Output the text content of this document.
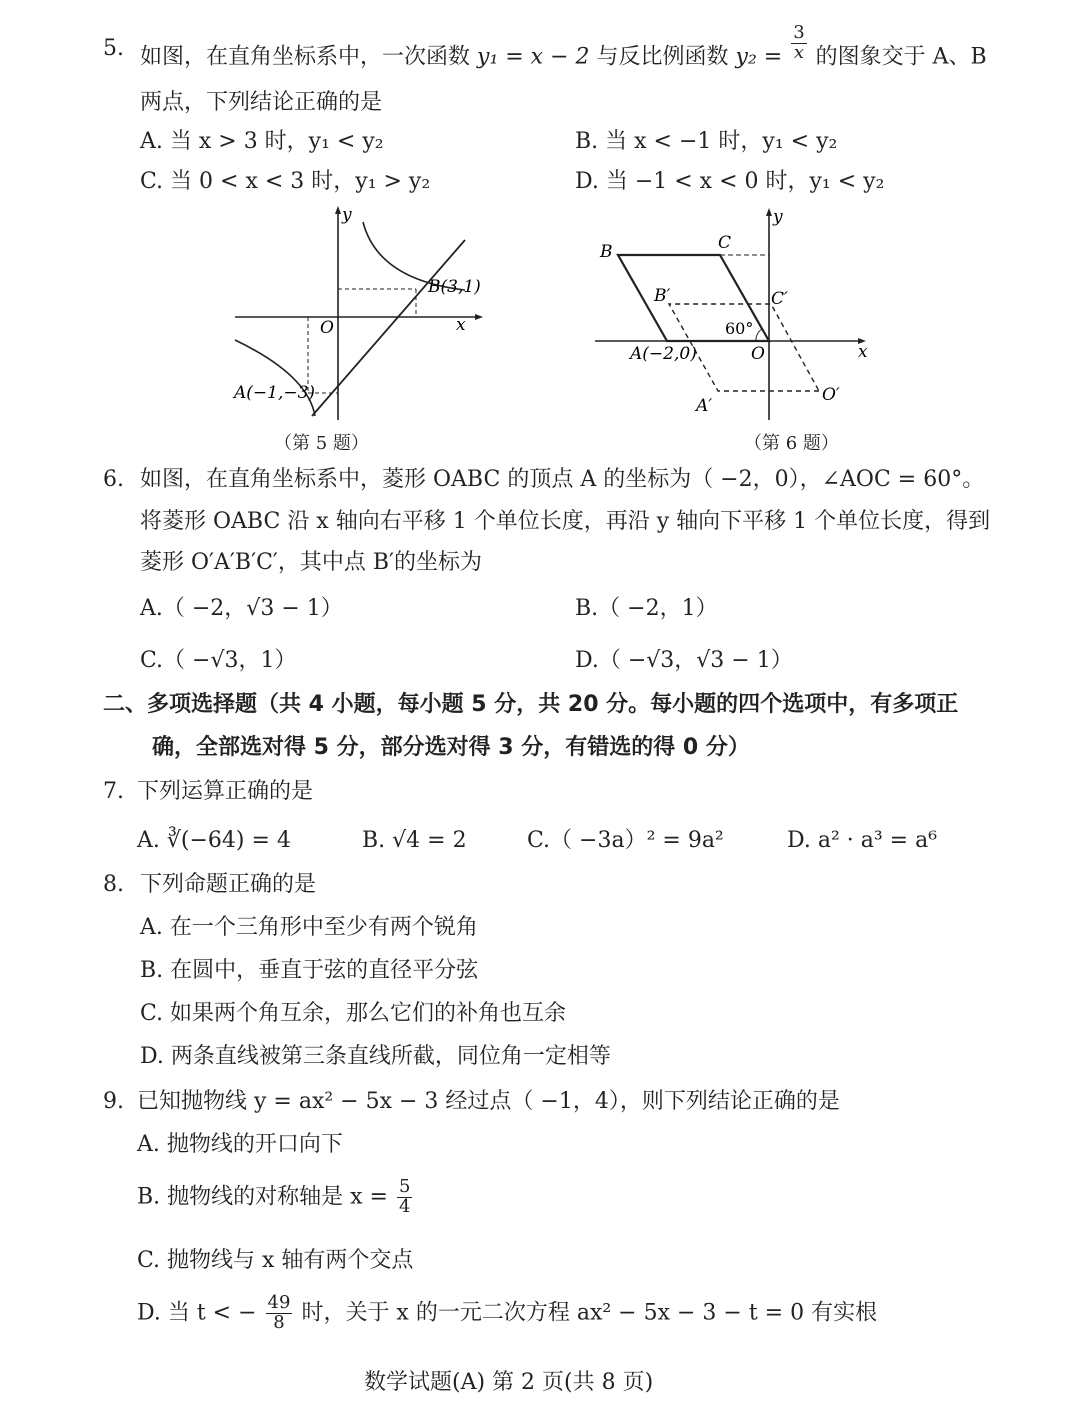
5. 如图，在直角坐标系中，一次函数 y₁ = x − 2 与反比例函数 $y_2 = \frac{3}{x}$ 的图象交于 A、B
两点，下列结论正确的是
A. 当 x > 3 时，y₁ < y₂	B. 当 x < −1 时，y₁ < y₂
C. 当 0 < x < 3 时，y₁ > y₂	D. 当 −1 < x < 0 时，y₁ < y₂
y
x
O
B(3,1)
A(−1,−3)
（第 5 题）
y
x
O
B	C
B′	C′
60°
A(−2,0)
A′
O′
（第 6 题）
6. 如图，在直角坐标系中，菱形 OABC 的顶点 A 的坐标为（ −2，0），∠AOC = 60°。
将菱形 OABC 沿 x 轴向右平移 1 个单位长度，再沿 y 轴向下平移 1 个单位长度，得到
菱形 O′A′B′C′，其中点 B′的坐标为
A.（ −2，√3 − 1）	B.（ −2，1）
C.（ −√3，1）	D.（ −√3，√3 − 1）
二、多项选择题（共 4 小题，每小题 5 分，共 20 分。每小题的四个选项中，有多项正
确，全部选对得 5 分，部分选对得 3 分，有错选的得 0 分）
7. 下列运算正确的是
A. ∛(−64) = 4	B. √4 = 2	C.（ −3a）² = 9a²	D. a² · a³ = a⁶
8. 下列命题正确的是
A. 在一个三角形中至少有两个锐角
B. 在圆中，垂直于弦的直径平分弦
C. 如果两个角互余，那么它们的补角也互余
D. 两条直线被第三条直线所截，同位角一定相等
9. 已知抛物线 y = ax² − 5x − 3 经过点（ −1，4），则下列结论正确的是
A. 抛物线的开口向下
B. 抛物线的对称轴是 $x = \frac{5}{4}$
C. 抛物线与 x 轴有两个交点
D. 当 t < − $\frac{49}{8}$ 时，关于 x 的一元二次方程 ax² − 5x − 3 − t = 0 有实根
数学试题(A) 第 2 页(共 8 页)
